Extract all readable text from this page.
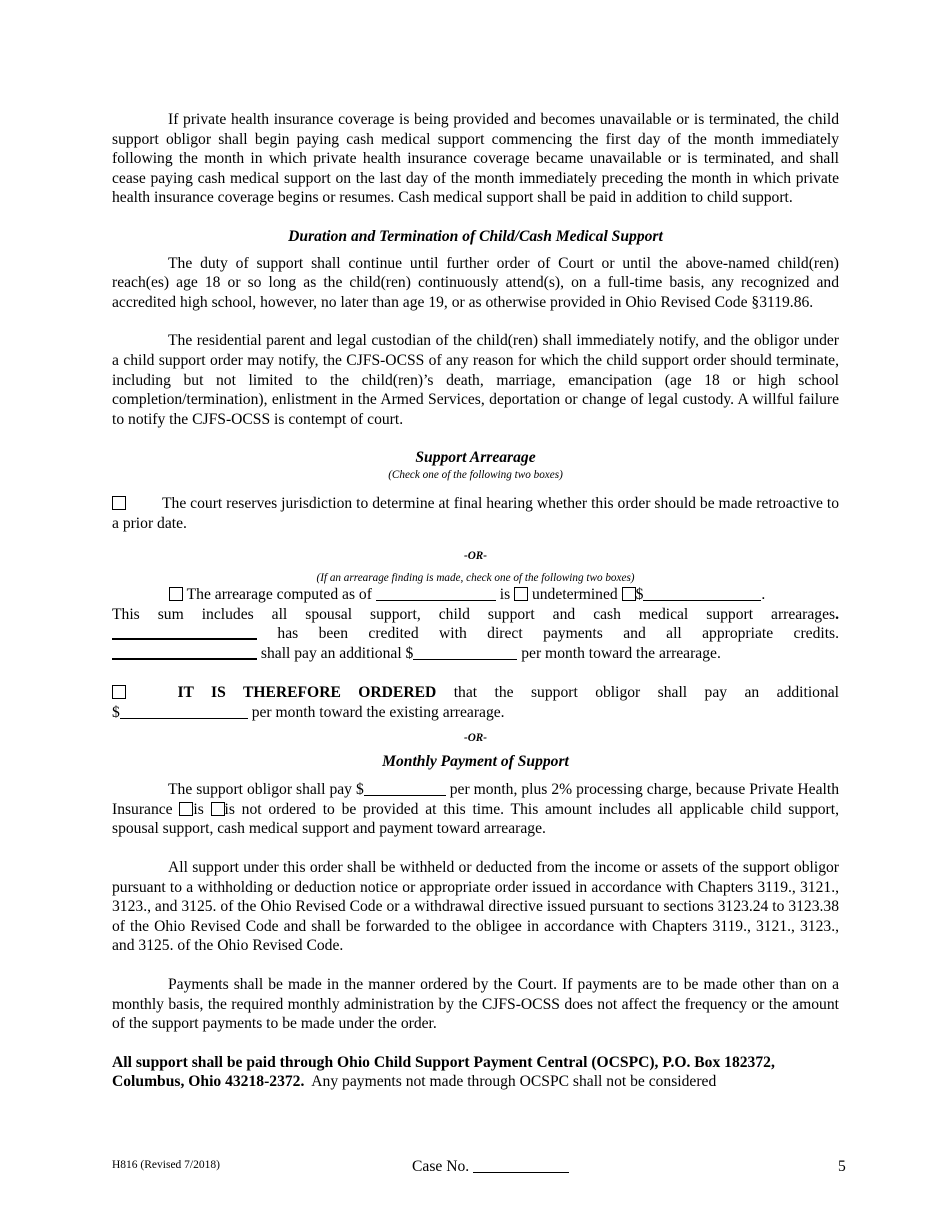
If private health insurance coverage is being provided and becomes unavailable or is terminated, the child support obligor shall begin paying cash medical support commencing the first day of the month immediately following the month in which private health insurance coverage became unavailable or is terminated, and shall cease paying cash medical support on the last day of the month immediately preceding the month in which private health insurance coverage begins or resumes. Cash medical support shall be paid in addition to child support.

Duration and Termination of Child/Cash Medical Support

The duty of support shall continue until further order of Court or until the above-named child(ren) reach(es) age 18 or so long as the child(ren) continuously attend(s), on a full-time basis, any recognized and accredited high school, however, no later than age 19, or as otherwise provided in Ohio Revised Code §3119.86.

The residential parent and legal custodian of the child(ren) shall immediately notify, and the obligor under a child support order may notify, the CJFS-OCSS of any reason for which the child support order should terminate, including but not limited to the child(ren)’s death, marriage, emancipation (age 18 or high school completion/termination), enlistment in the Armed Services, deportation or change of legal custody. A willful failure to notify the CJFS-OCSS is contempt of court.

Support Arrearage
(Check one of the following two boxes)

The court reserves jurisdiction to determine at final hearing whether this order should be made retroactive to a prior date.

-OR-
(If an arrearage finding is made, check one of the following two boxes)

The arrearage computed as of	is undetermined $	.

This sum includes all spousal support, child support and cash medical support arrearages.

has been credited with direct payments and all appropriate credits.

shall pay an additional $	per month toward the arrearage.

IT IS THEREFORE ORDERED that the support obligor shall pay an additional

$	per month toward the existing arrearage.

-OR-
Monthly Payment of Support

The support obligor shall pay $	per month, plus 2% processing charge, because Private Health Insurance is is not ordered to be provided at this time. This amount includes all applicable child support, spousal support, cash medical support and payment toward arrearage.

All support under this order shall be withheld or deducted from the income or assets of the support obligor pursuant to a withholding or deduction notice or appropriate order issued in accordance with Chapters 3119., 3121., 3123., and 3125. of the Ohio Revised Code or a withdrawal directive issued pursuant to sections 3123.24 to 3123.38 of the Ohio Revised Code and shall be forwarded to the obligee in accordance with Chapters 3119., 3121., 3123., and 3125. of the Ohio Revised Code.

Payments shall be made in the manner ordered by the Court. If payments are to be made other than on a monthly basis, the required monthly administration by the CJFS-OCSS does not affect the frequency or the amount of the support payments to be made under the order.

All support shall be paid through Ohio Child Support Payment Central (OCSPC), P.O. Box 182372, Columbus, Ohio 43218-2372. Any payments not made through OCSPC shall not be considered

H816 (Revised 7/2018)	Case No.	5
